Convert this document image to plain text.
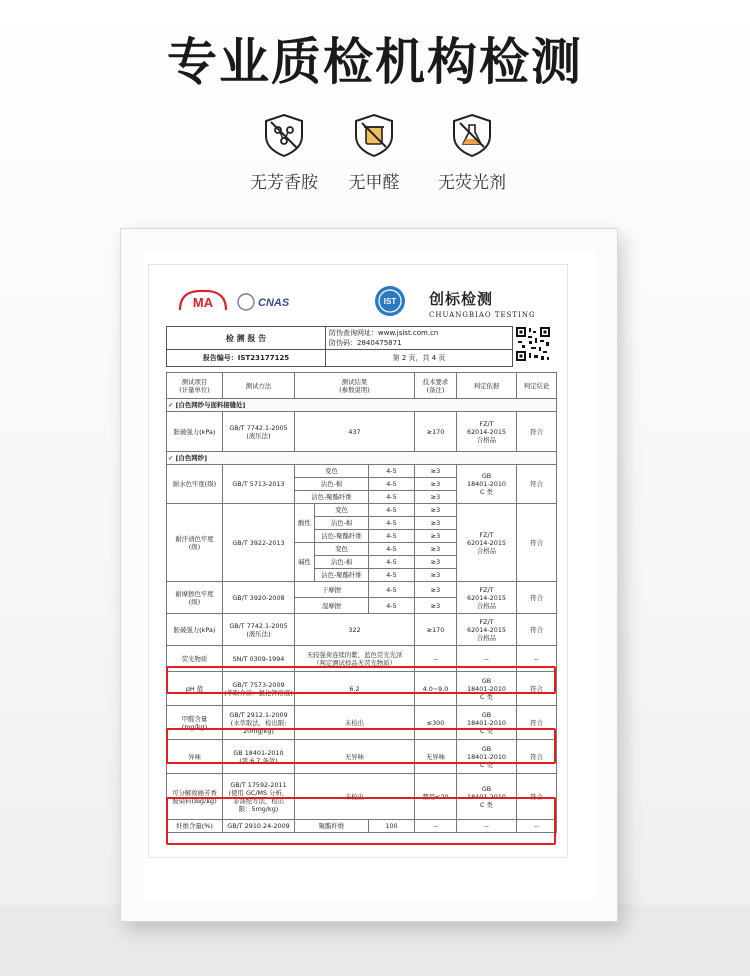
专业质检机构检测
无芳香胺	无甲醛	无荧光剂
MA	CNAS	IST 创标检测
CHUANGBIAO TESTING
检 测 报 告	防伪查询网址：www.jsist.com.cn
防伪码：2840475871

报告编号：IST23177125	第 2 页，共 4 页
测试项目
(计量单位)	测试方法	测试结果
(参数说明)			技术要求
(备注)	判定依据	判定结论
✓ [白色网纱与面料接缝处]							
胀破强力(kPa)	GB/T 7742.1-2005
(液压法)	437			≥170	FZ/T
62014-2015
合格品	符合
✓ [白色网纱]							
耐水色牢度(级)	GB/T 5713-2013	变色		4-5	≥3	GB
18401-2010
C 类	符合
		沾色-棉		4-5	≥3		
		沾色-聚酯纤维		4-5	≥3		
耐汗渍色牢度
(级)	GB/T 3922-2013	酸性	变色	4-5	≥3	FZ/T
62014-2015
合格品	符合
			沾色-棉	4-5	≥3		
			沾色-聚酯纤维	4-5	≥3		
		碱性	变色	4-5	≥3		
			沾色-棉	4-5	≥3		
			沾色-聚酯纤维	4-5	≥3		
耐摩擦色牢度
(级)	GB/T 3920-2008	干摩擦		4-5	≥3	FZ/T
62014-2015
合格品	符合
		湿摩擦		4-5	≥3		
胀破强力(kPa)	GB/T 7742.1-2005
(液压法)	322			≥170	FZ/T
62014-2015
合格品	符合
荧光物质	SN/T 0309-1994	无较强荷连续的紫、蓝色荧光光泽
（判定测试样品无荧光物质）			--	--	--
pH 值	GB/T 7573-2009
(萃取介质：氯化钾溶液)	6.2			4.0~9.0	GB
18401-2010
C 类	符合
甲醛含量
(mg/kg)	GB/T 2912.1-2009
(水萃取法，检出限:
20mg/kg)	未检出			≤300	GB
18401-2010
C 类	符合
异味	GB 18401-2010
(第 6.7 条款)	无异味			无异味	GB
18401-2010
C 类	符合
可分解致癌芳香
胺染料(mg/kg)	GB/T 17592-2011
(使用 GC/MS 分析，
非涤纶方法，检出
限：5mg/kg)	未检出			禁用≤20	GB
18401-2010
C 类	符合
纤维含量(%)	GB/T 2910.24-2009	聚酯纤维		100	--	--	--
